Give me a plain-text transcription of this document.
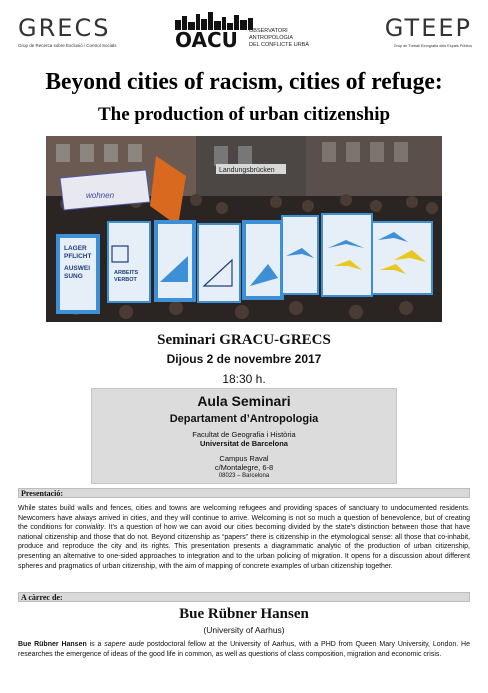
GRECS
Grup de Recerca sobre Exclusió i Control Socials	OACU OBSERVATORI
ANTROPOLOGIA
DEL CONFLICTE URBÀ
GTEEP
Grup de Treball Etnografia dels Espais Públics
Beyond cities of racism, cities of refuge:
The production of urban citizenship
Landungsbrücken
wohnen
LAGER
PFLICHT
AUSWEI
SUNG	ARBEITS
VERBOT
Seminari GRACU-GRECS
Dijous 2 de novembre 2017
18:30 h.
Aula Seminari
Departament d’Antropologia
Facultat de Geografia i Història
Universitat de Barcelona
Campus Raval
c/Montalegre, 6-8
08023 – Barcelona
Presentació:
While states build walls and fences, cities and towns are welcoming refugees and providing spaces of sanctuary to undocumented residents. Newcomers have always arrived in cities, and they will continue to arrive. Welcoming is not so much a question of benevolence, but of creating the conditions for conviality. It’s a question of how we can avoid our cities becoming divided by the state’s distinction between those that have national citizenship and those that do not. Beyond citizenship as “papers” there is citizenship in the etymological sense: all those that co-inhabit, produce and reproduce the city and its rights. This presentation presents a diagrammatic analytic of the production of urban citizenship, presenting an alternative to one-sided approaches to integration and to the urban policing of migration. It opens for a discussion about different spheres and pragmatics of urban citizenship, with the aim of mapping of concrete examples of urban citizenship together.
A càrrec de:
Bue Rübner Hansen
(University of Aarhus)
Bue Rübner Hansen is a sapere aude postdoctoral fellow at the University of Aarhus, with a PHD from Queen Mary University, London. He researches the emergence of ideas of the good life in common, as well as questions of class composition, migration and economic crisis.
